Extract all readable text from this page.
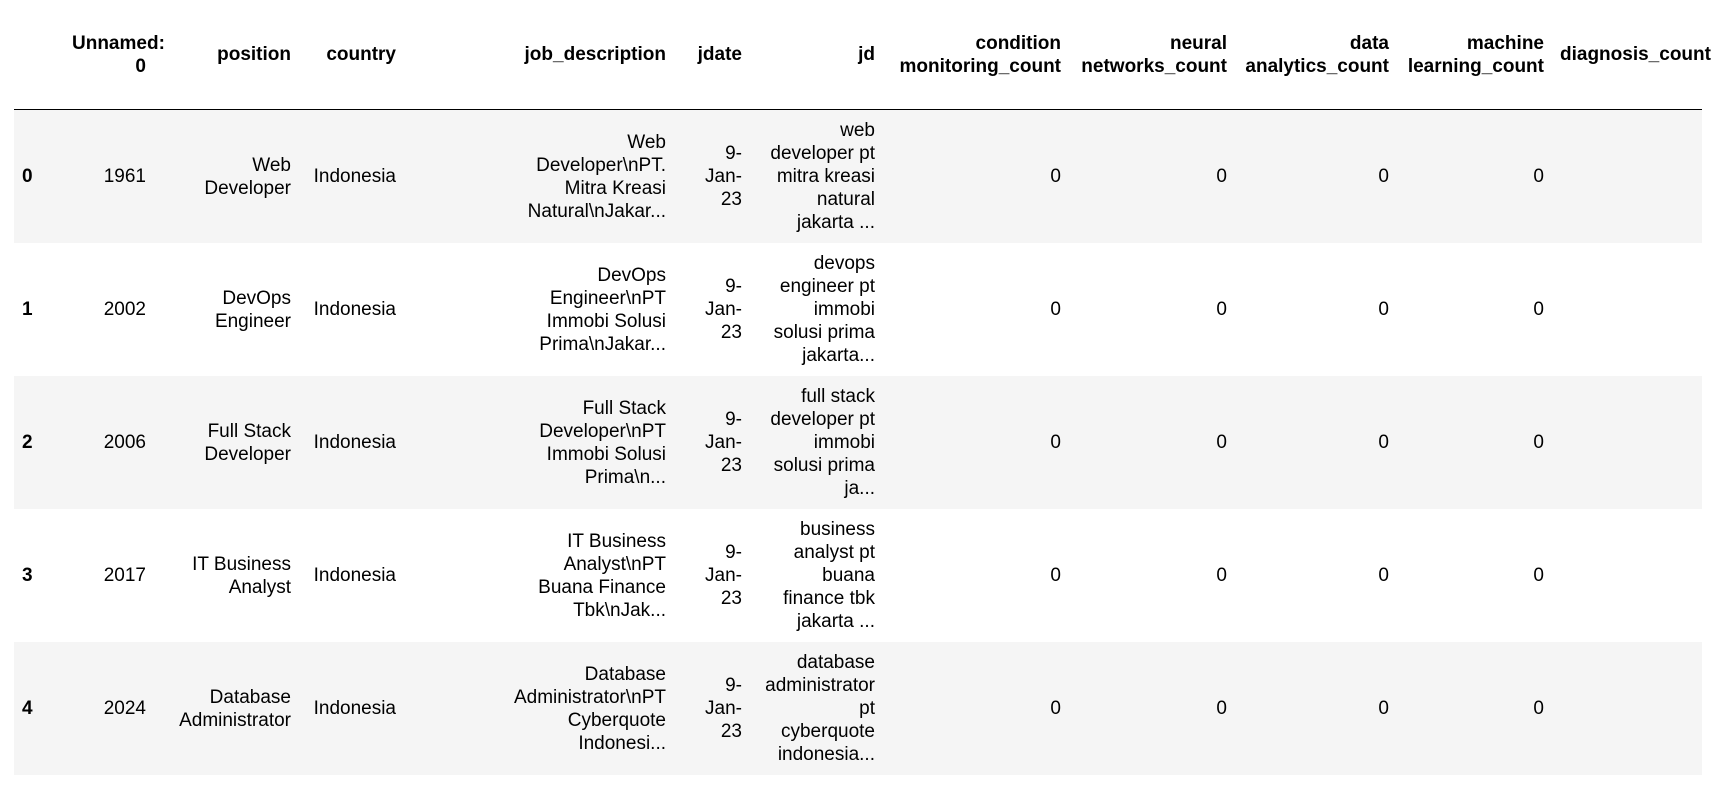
	Unnamed:
0	position	country	job_description	jdate	jd	condition
monitoring_count	neural
networks_count	data
analytics_count	machine
learning_count	diagnosis_count

0	1961	Web
Developer	Indonesia	Web
Developer\nPT.
Mitra Kreasi
Natural\nJakar...	9-
Jan-
23	web
developer pt
mitra kreasi
natural
jakarta ...	0	0	0	0	
1	2002	DevOps
Engineer	Indonesia	DevOps
Engineer\nPT
Immobi Solusi
Prima\nJakar...	9-
Jan-
23	devops
engineer pt
immobi
solusi prima
jakarta...	0	0	0	0	
2	2006	Full Stack
Developer	Indonesia	Full Stack
Developer\nPT
Immobi Solusi
Prima\n...	9-
Jan-
23	full stack
developer pt
immobi
solusi prima
ja...	0	0	0	0	
3	2017	IT Business
Analyst	Indonesia	IT Business
Analyst\nPT
Buana Finance
Tbk\nJak...	9-
Jan-
23	business
analyst pt
buana
finance tbk
jakarta ...	0	0	0	0	
4	2024	Database
Administrator	Indonesia	Database
Administrator\nPT
Cyberquote
Indonesi...	9-
Jan-
23	database
administrator
pt
cyberquote
indonesia...	0	0	0	0	
